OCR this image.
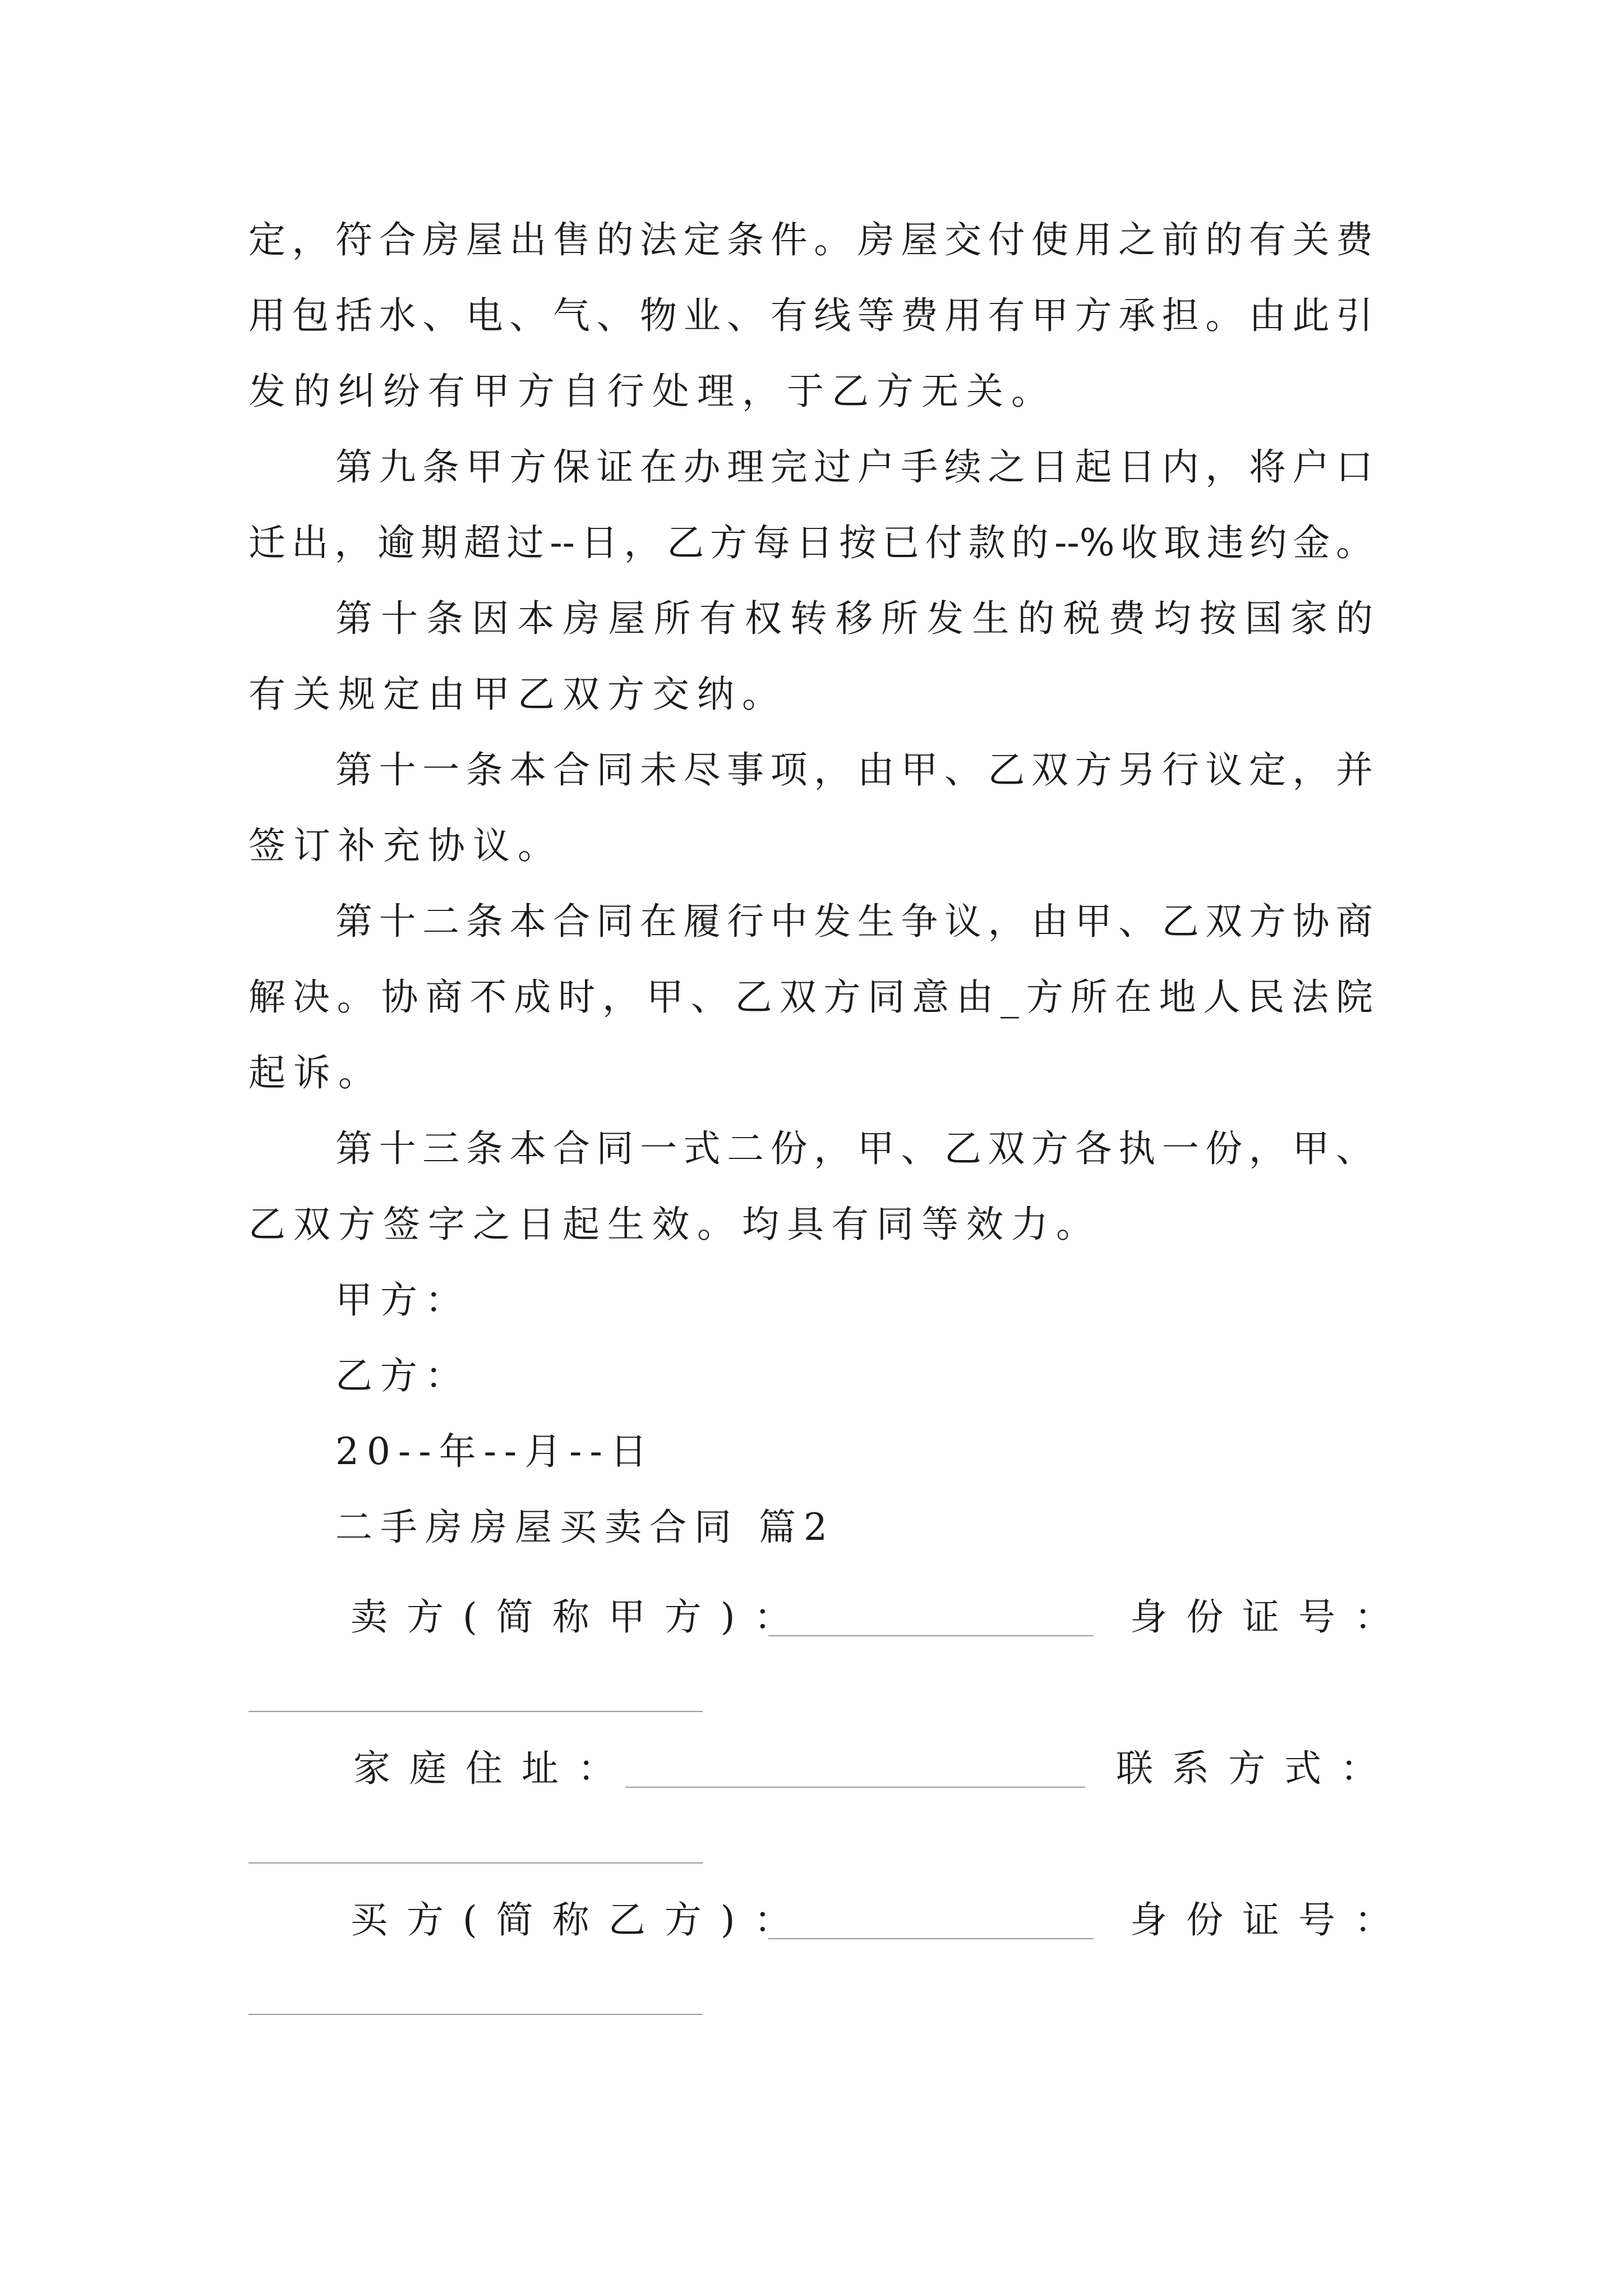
定，符合房屋出售的法定条件。房屋交付使用之前的有关费
用包括水、电、气、物业、有线等费用有甲方承担。由此引
发的纠纷有甲方自行处理，于乙方无关。
第九条甲方保证在办理完过户手续之日起日内，将户口
迁出，逾期超过--日，乙方每日按已付款的--%收取违约金。
第十条因本房屋所有权转移所发生的税费均按国家的
有关规定由甲乙双方交纳。
第十一条本合同未尽事项，由甲、乙双方另行议定，并
签订补充协议。
第十二条本合同在履行中发生争议，由甲、乙双方协商
解决。协商不成时，甲、乙双方同意由_方所在地人民法院
起诉。
第十三条本合同一式二份，甲、乙双方各执一份，甲、
乙双方签字之日起生效。均具有同等效力。
甲方：
乙方：
20--年--月--日
二手房房屋买卖合同 篇2
卖方(简称甲方)：	身份证号：
家庭住址：	联系方式：
买方(简称乙方)：	身份证号：
